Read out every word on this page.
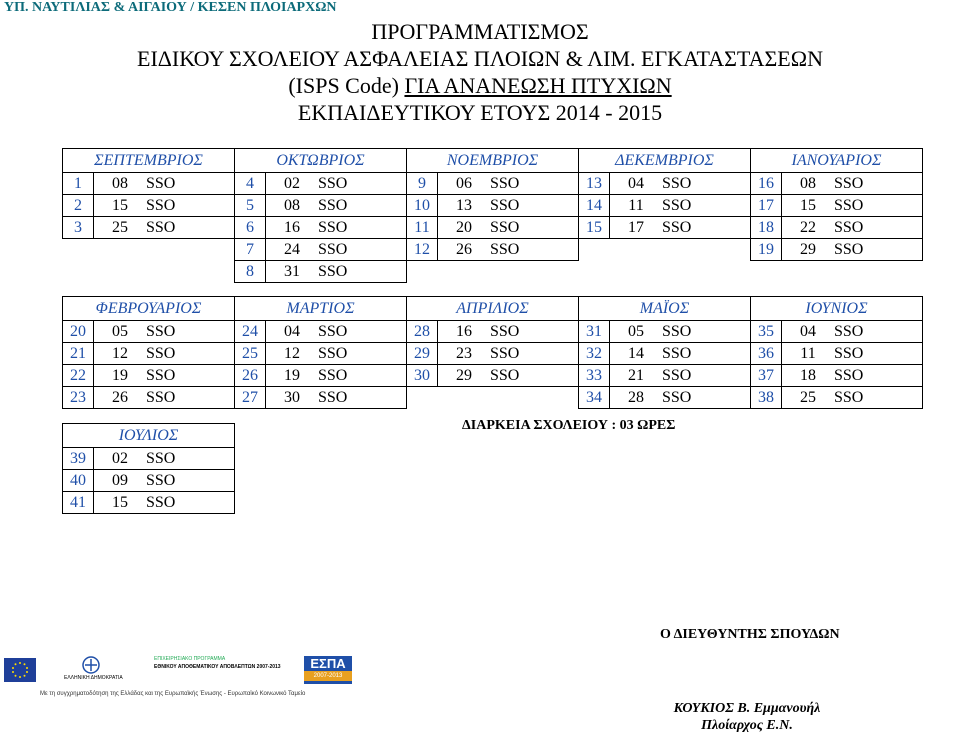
ΥΠ. ΝΑΥΤΙΛΙΑΣ & ΑΙΓΑΙΟΥ / ΚΕΣΕΝ ΠΛΟΙΑΡΧΩΝ
ΠΡΟΓΡΑΜΜΑΤΙΣΜΟΣ
ΕΙΔΙΚΟΥ ΣΧΟΛΕΙΟΥ ΑΣΦΑΛΕΙΑΣ ΠΛΟΙΩΝ & ΛΙΜ. ΕΓΚΑΤΑΣΤΑΣΕΩΝ
(ISPS Code) ΓΙΑ ΑΝΑΝΕΩΣΗ ΠΤΥΧΙΩΝ
ΕΚΠΑΙΔΕΥΤΙΚΟΥ ΕΤΟΥΣ 2014 - 2015
ΣΕΠΤΕΜΒΡΙΟΣ			ΟΚΤΩΒΡΙΟΣ			ΝΟΕΜΒΡΙΟΣ			ΔΕΚΕΜΒΡΙΟΣ			ΙΑΝΟΥΑΡΙΟΣ		
1	08	SSO	4	02	SSO	9	06	SSO	13	04	SSO	16	08	SSO
2	15	SSO	5	08	SSO	10	13	SSO	14	11	SSO	17	15	SSO
3	25	SSO	6	16	SSO	11	20	SSO	15	17	SSO	18	22	SSO
			7	24	SSO	12	26	SSO				19	29	SSO
			8	31	SSO									
ΦΕΒΡΟΥΑΡΙΟΣ			ΜΑΡΤΙΟΣ			ΑΠΡΙΛΙΟΣ			ΜΑΪΟΣ			ΙΟΥΝΙΟΣ		
20	05	SSO	24	04	SSO	28	16	SSO	31	05	SSO	35	04	SSO
21	12	SSO	25	12	SSO	29	23	SSO	32	14	SSO	36	11	SSO
22	19	SSO	26	19	SSO	30	29	SSO	33	21	SSO	37	18	SSO
23	26	SSO	27	30	SSO				34	28	SSO	38	25	SSO
ΙΟΥΛΙΟΣ		
39	02	SSO
40	09	SSO
41	15	SSO
ΔΙΑΡΚΕΙΑ ΣΧΟΛΕΙΟΥ : 03 ΩΡΕΣ
Ο ΔΙΕΥΘΥΝΤΗΣ ΣΠΟΥΔΩΝ
ΚΟΥΚΙΟΣ Β. Εμμανουήλ
Πλοίαρχος Ε.Ν.
ΕΛΛΗΝΙΚΗ ΔΗΜΟΚΡΑΤΙΑ
ΕΠΙΧΕΙΡΗΣΙΑΚΟ ΠΡΟΓΡΑΜΜΑ
ΕΘΝΙΚΟΥ ΑΠΟΘΕΜΑΤΙΚΟΥ ΑΠΟΒΛΕΠΤΩΝ 2007-2013	ΕΣΠΑ
2007-2013
Με τη συγχρηματοδότηση της Ελλάδας και της Ευρωπαϊκής Ένωσης - Ευρωπαϊκό Κοινωνικό Ταμείο
